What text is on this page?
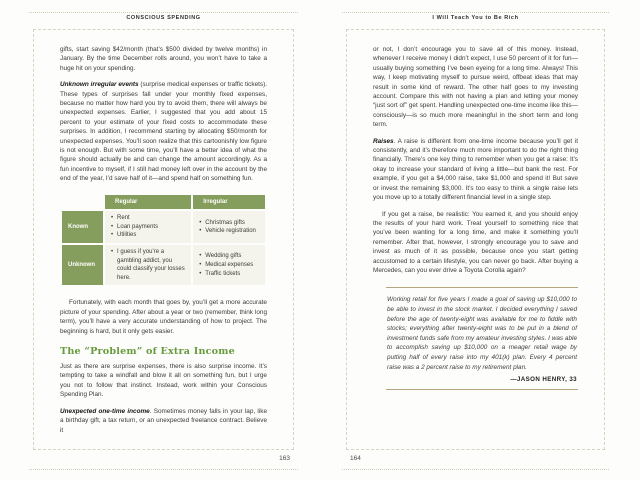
CONSCIOUS SPENDING

gifts, start saving $42/month (that’s $500 divided by twelve months) in January. By the time December rolls around, you won’t have to take a huge hit on your spending.

Unknown irregular events (surprise medical expenses or traffic tickets). These types of surprises fall under your monthly fixed expenses, because no matter how hard you try to avoid them, there will always be unexpected expenses. Earlier, I suggested that you add about 15 percent to your estimate of your fixed costs to accommodate these surprises. In addition, I recommend starting by allocating $50/month for unexpected expenses. You’ll soon realize that this cartoonishly low figure is not enough. But with some time, you’ll have a better idea of what the figure should actually be and can change the amount accordingly. As a fun incentive to myself, if I still had money left over in the account by the end of the year, I’d save half of it—and spend half on something fun.

	Regular	Irregular
Known	
• Rent
• Loan payments
• Utilities

• Christmas gifts
• Vehicle registration

Unknown	
• I guess if you’re a gambling addict, you could classify your losses here.

• Wedding gifts
• Medical expenses
• Traffic tickets

Fortunately, with each month that goes by, you’ll get a more accurate picture of your spending. After about a year or two (remember, think long term), you’ll have a very accurate understanding of how to project. The beginning is hard, but it only gets easier.

The “Problem” of Extra Income

Just as there are surprise expenses, there is also surprise income. It’s tempting to take a windfall and blow it all on something fun, but I urge you not to follow that instinct. Instead, work within your Conscious Spending Plan.

Unexpected one-time income. Sometimes money falls in your lap, like a birthday gift, a tax return, or an unexpected freelance contract. Believe it

163
I Will Teach You to Be Rich

or not, I don’t encourage you to save all of this money. Instead, whenever I receive money I didn’t expect, I use 50 percent of it for fun—usually buying something I’ve been eyeing for a long time. Always! This way, I keep motivating myself to pursue weird, offbeat ideas that may result in some kind of reward. The other half goes to my investing account. Compare this with not having a plan and letting your money “just sort of” get spent. Handling unexpected one-time income like this—consciously—is so much more meaningful in the short term and long term.

Raises. A raise is different from one-time income because you’ll get it consistently, and it’s therefore much more important to do the right thing financially. There’s one key thing to remember when you get a raise: It’s okay to increase your standard of living a little—but bank the rest. For example, if you get a $4,000 raise, take $1,000 and spend it! But save or invest the remaining $3,000. It’s too easy to think a single raise lets you move up to a totally different financial level in a single step.

If you get a raise, be realistic: You earned it, and you should enjoy the results of your hard work. Treat yourself to something nice that you’ve been wanting for a long time, and make it something you’ll remember. After that, however, I strongly encourage you to save and invest as much of it as possible, because once you start getting accustomed to a certain lifestyle, you can never go back. After buying a Mercedes, can you ever drive a Toyota Corolla again?

Working retail for five years I made a goal of saving up $10,000 to be able to invest in the stock market. I decided everything I saved before the age of twenty-eight was available for me to fiddle with stocks; everything after twenty-eight was to be put in a blend of investment funds safe from my amateur investing styles. I was able to accomplish saving up $10,000 on a meager retail wage by putting half of every raise into my 401(k) plan. Every 4 percent raise was a 2 percent raise to my retirement plan.
—JASON HENRY, 33
164
